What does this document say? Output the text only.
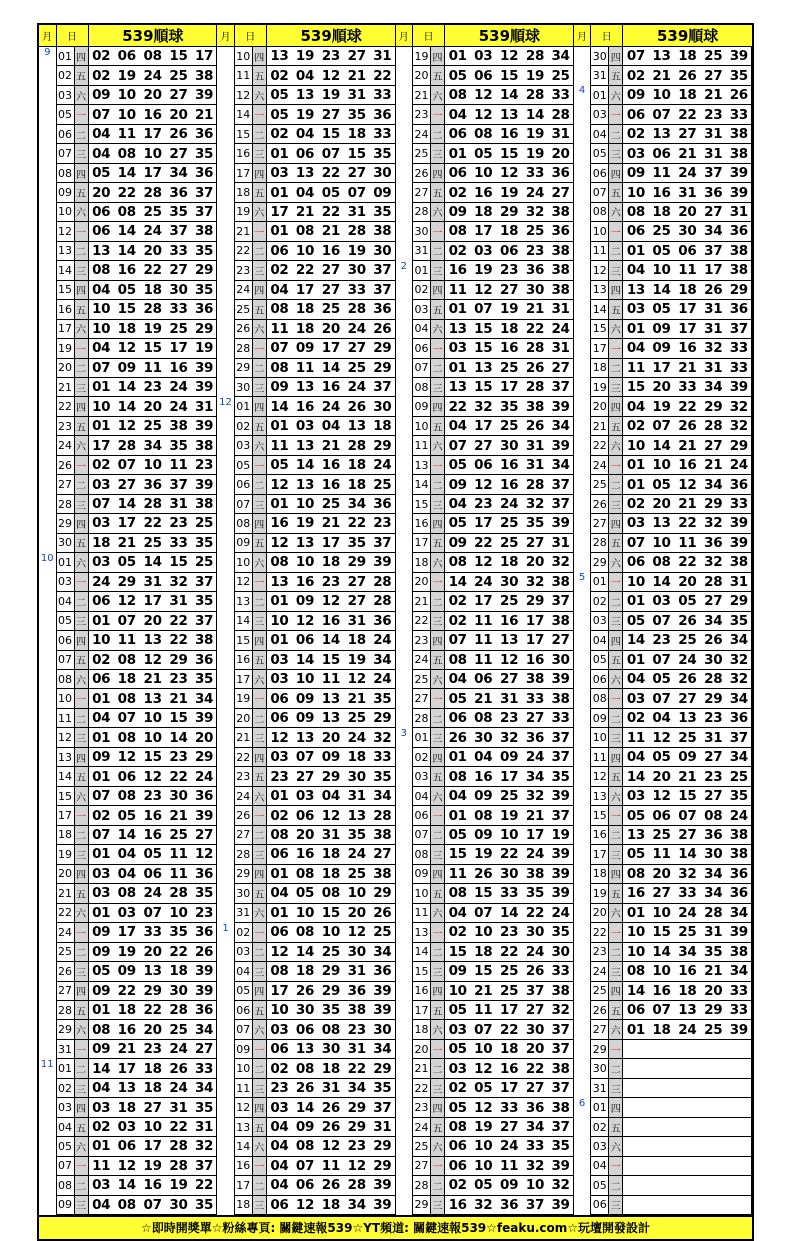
月	日		539順球				
9	01	四	02	06	08	15	17
	02	五	02	19	24	25	38
	03	六	09	10	20	27	39
	05	一	07	10	16	20	21
	06	二	04	11	17	26	36
	07	三	04	08	10	27	35
	08	四	05	14	17	34	36
	09	五	20	22	28	36	37
	10	六	06	08	25	35	37
	12	一	06	14	24	37	38
	13	二	13	14	20	33	35
	14	三	08	16	22	27	29
	15	四	04	05	18	30	35
	16	五	10	15	28	33	36
	17	六	10	18	19	25	29
	19	一	04	12	15	17	19
	20	二	07	09	11	16	39
	21	三	01	14	23	24	39
	22	四	10	14	20	24	31
	23	五	01	12	25	38	39
	24	六	17	28	34	35	38
	26	一	02	07	10	11	23
	27	二	03	27	36	37	39
	28	三	07	14	28	31	38
	29	四	03	17	22	23	25
	30	五	18	21	25	33	35
10	01	六	03	05	14	15	25
	03	一	24	29	31	32	37
	04	二	06	12	17	31	35
	05	三	01	07	20	22	37
	06	四	10	11	13	22	38
	07	五	02	08	12	29	36
	08	六	06	18	21	23	35
	10	一	01	08	13	21	34
	11	二	04	07	10	15	39
	12	三	01	08	10	14	20
	13	四	09	12	15	23	29
	14	五	01	06	12	22	24
	15	六	07	08	23	30	36
	17	一	02	05	16	21	39
	18	二	07	14	16	25	27
	19	三	01	04	05	11	12
	20	四	03	04	06	11	36
	21	五	03	08	24	28	35
	22	六	01	03	07	10	23
	24	一	09	17	33	35	36
	25	二	09	19	20	22	26
	26	三	05	09	13	18	39
	27	四	09	22	29	30	39
	28	五	01	18	22	28	36
	29	六	08	16	20	25	34
	31	一	09	21	23	24	27
11	01	二	14	17	18	26	33
	02	三	04	13	18	24	34
	03	四	03	18	27	31	35
	04	五	02	03	10	22	31
	05	六	01	06	17	28	32
	07	一	11	12	19	28	37
	08	二	03	14	16	19	22
	09	三	04	08	07	30	35
月	日		539順球				
	10	四	13	19	23	27	31
	11	五	02	04	12	21	22
	12	六	05	13	19	31	33
	14	一	05	19	27	35	36
	15	二	02	04	15	18	33
	16	三	01	06	07	15	35
	17	四	03	13	22	27	30
	18	五	01	04	05	07	09
	19	六	17	21	22	31	35
	21	一	01	08	21	28	38
	22	二	06	10	16	19	30
	23	三	02	22	27	30	37
	24	四	04	17	27	33	37
	25	五	08	18	25	28	36
	26	六	11	18	20	24	26
	28	一	07	09	17	27	29
	29	二	08	11	14	25	29
	30	三	09	13	16	24	37
12	01	四	14	16	24	26	30
	02	五	01	03	04	13	18
	03	六	11	13	21	28	29
	05	一	05	14	16	18	24
	06	二	12	13	16	18	25
	07	三	01	10	25	34	36
	08	四	16	19	21	22	23
	09	五	12	13	17	35	37
	10	六	08	10	18	29	39
	12	一	13	16	23	27	28
	13	二	01	09	12	27	28
	14	三	10	12	16	31	36
	15	四	01	06	14	18	24
	16	五	03	14	15	19	34
	17	六	03	10	11	12	24
	19	一	06	09	13	21	35
	20	二	06	09	13	25	29
	21	三	12	13	20	24	32
	22	四	03	07	09	18	33
	23	五	23	27	29	30	35
	24	六	01	03	04	31	34
	26	一	02	06	12	13	28
	27	二	08	20	31	35	38
	28	三	06	16	18	24	27
	29	四	01	08	18	25	38
	30	五	04	05	08	10	29
	31	六	01	10	15	20	26
1	02	一	06	08	10	12	25
	03	二	12	14	25	30	34
	04	三	08	18	29	31	36
	05	四	17	26	29	36	39
	06	五	10	30	35	38	39
	07	六	03	06	08	23	30
	09	一	06	13	30	31	34
	10	二	02	08	18	22	29
	11	三	23	26	31	34	35
	12	四	03	14	26	29	37
	13	五	04	09	26	29	31
	14	六	04	08	12	23	29
	16	一	04	07	11	12	29
	17	二	04	06	26	28	39
	18	三	06	12	18	34	39
月	日		539順球				
	19	四	01	03	12	28	34
	20	五	05	06	15	19	25
	21	六	08	12	14	28	33
	23	一	04	12	13	14	28
	24	二	06	08	16	19	31
	25	三	01	05	15	19	20
	26	四	06	10	12	33	36
	27	五	02	16	19	24	27
	28	六	09	18	29	32	38
	30	一	08	17	18	25	36
	31	二	02	03	06	23	38
2	01	三	16	19	23	36	38
	02	四	11	12	27	30	38
	03	五	01	07	19	21	31
	04	六	13	15	18	22	24
	06	一	03	15	16	28	31
	07	二	01	13	25	26	27
	08	三	13	15	17	28	37
	09	四	22	32	35	38	39
	10	五	04	17	25	26	34
	11	六	07	27	30	31	39
	13	一	05	06	16	31	34
	14	二	09	12	16	28	37
	15	三	04	23	24	32	37
	16	四	05	17	25	35	39
	17	五	09	22	25	27	31
	18	六	08	12	18	20	32
	20	一	14	24	30	32	38
	21	二	02	17	25	29	37
	22	三	02	11	16	17	38
	23	四	07	11	13	17	27
	24	五	08	11	12	16	30
	25	六	04	06	27	38	39
	27	一	05	21	31	33	38
	28	二	06	08	23	27	33
3	01	三	26	30	32	36	37
	02	四	01	04	09	24	37
	03	五	08	16	17	34	35
	04	六	04	09	25	32	39
	06	一	01	08	19	21	37
	07	二	05	09	10	17	19
	08	三	15	19	22	24	39
	09	四	11	26	30	38	39
	10	五	08	15	33	35	39
	11	六	04	07	14	22	24
	13	一	02	10	23	30	35
	14	二	15	18	22	24	30
	15	三	09	15	25	26	33
	16	四	10	21	25	37	38
	17	五	05	11	17	27	32
	18	六	03	07	22	30	37
	20	一	05	10	18	20	37
	21	二	03	12	16	22	38
	22	三	02	05	17	27	37
	23	四	05	12	33	36	38
	24	五	08	19	27	34	37
	25	六	06	10	24	33	35
	27	一	06	10	11	32	39
	28	二	02	05	09	10	32
	29	三	16	32	36	37	39
月	日		539順球				
	30	四	07	13	18	25	39
	31	五	02	21	26	27	35
4	01	六	09	10	18	21	26
	03	一	06	07	22	23	33
	04	二	02	13	27	31	38
	05	三	03	06	21	31	38
	06	四	09	11	24	37	39
	07	五	10	16	31	36	39
	08	六	08	18	20	27	31
	10	一	06	25	30	34	36
	11	二	01	05	06	37	38
	12	三	04	10	11	17	38
	13	四	13	14	18	26	29
	14	五	03	05	17	31	36
	15	六	01	09	17	31	37
	17	一	04	09	16	32	33
	18	二	11	17	21	31	33
	19	三	15	20	33	34	39
	20	四	04	19	22	29	32
	21	五	02	07	26	28	32
	22	六	10	14	21	27	29
	24	一	01	10	16	21	24
	25	二	01	05	12	34	36
	26	三	02	20	21	29	33
	27	四	03	13	22	32	39
	28	五	07	10	11	36	39
	29	六	06	08	22	32	38
5	01	一	10	14	20	28	31
	02	二	01	03	05	27	29
	03	三	05	07	26	34	35
	04	四	14	23	25	26	34
	05	五	01	07	24	30	32
	06	六	04	05	26	28	32
	08	一	03	07	27	29	34
	09	二	02	04	13	23	36
	10	三	11	12	25	31	37
	11	四	04	05	09	27	34
	12	五	14	20	21	23	25
	13	六	03	12	15	27	35
	15	一	05	06	07	08	24
	16	二	13	25	27	36	38
	17	三	05	11	14	30	38
	18	四	08	20	32	34	36
	19	五	16	27	33	34	36
	20	六	01	10	24	28	34
	22	一	10	15	25	31	39
	23	二	10	14	34	35	38
	24	三	08	10	16	21	34
	25	四	14	16	18	20	33
	26	五	06	07	13	29	33
	27	六	01	18	24	25	39
	29	一					
	30	二					
	31	三					
6	01	四					
	02	五					
	03	六					
	04	一					
	05	二					
	06	三					
☆即時開獎單☆粉絲專頁: 關鍵速報539☆YT頻道: 關鍵速報539☆feaku.com☆玩壇開發設計
